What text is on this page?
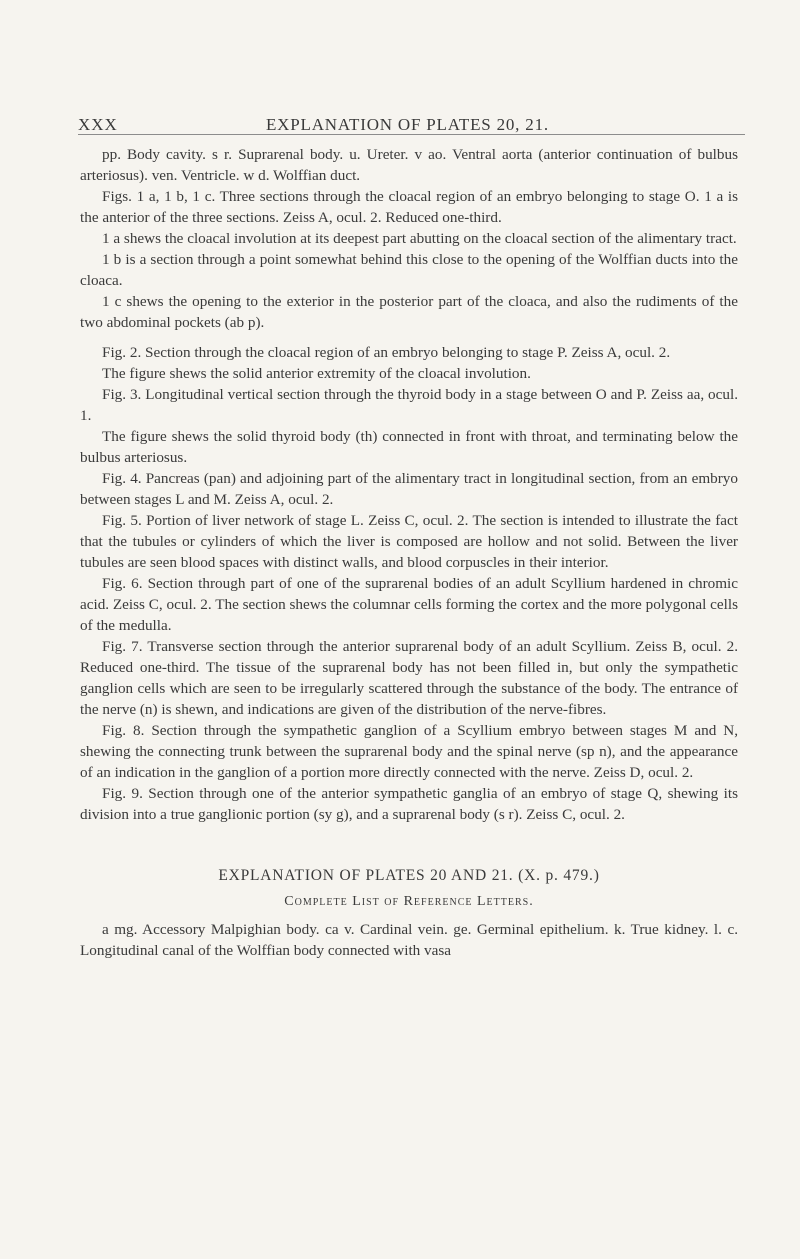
XXX	EXPLANATION OF PLATES 20, 21.

pp. Body cavity. s r. Suprarenal body. u. Ureter. v ao. Ventral aorta (anterior continuation of bulbus arteriosus). ven. Ventricle. w d. Wolffian duct.

Figs. 1 a, 1 b, 1 c. Three sections through the cloacal region of an embryo belonging to stage O. 1 a is the anterior of the three sections. Zeiss A, ocul. 2. Reduced one-third.

1 a shews the cloacal involution at its deepest part abutting on the cloacal section of the alimentary tract.

1 b is a section through a point somewhat behind this close to the opening of the Wolffian ducts into the cloaca.

1 c shews the opening to the exterior in the posterior part of the cloaca, and also the rudiments of the two abdominal pockets (ab p).

Fig. 2. Section through the cloacal region of an embryo belonging to stage P. Zeiss A, ocul. 2.

The figure shews the solid anterior extremity of the cloacal involution.

Fig. 3. Longitudinal vertical section through the thyroid body in a stage between O and P. Zeiss aa, ocul. 1.

The figure shews the solid thyroid body (th) connected in front with throat, and terminating below the bulbus arteriosus.

Fig. 4. Pancreas (pan) and adjoining part of the alimentary tract in longitudinal section, from an embryo between stages L and M. Zeiss A, ocul. 2.

Fig. 5. Portion of liver network of stage L. Zeiss C, ocul. 2. The section is intended to illustrate the fact that the tubules or cylinders of which the liver is composed are hollow and not solid. Between the liver tubules are seen blood spaces with distinct walls, and blood corpuscles in their interior.

Fig. 6. Section through part of one of the suprarenal bodies of an adult Scyllium hardened in chromic acid. Zeiss C, ocul. 2. The section shews the columnar cells forming the cortex and the more polygonal cells of the medulla.

Fig. 7. Transverse section through the anterior suprarenal body of an adult Scyllium. Zeiss B, ocul. 2. Reduced one-third. The tissue of the suprarenal body has not been filled in, but only the sympathetic ganglion cells which are seen to be irregularly scattered through the substance of the body. The entrance of the nerve (n) is shewn, and indications are given of the distribution of the nerve-fibres.

Fig. 8. Section through the sympathetic ganglion of a Scyllium embryo between stages M and N, shewing the connecting trunk between the suprarenal body and the spinal nerve (sp n), and the appearance of an indication in the ganglion of a portion more directly connected with the nerve. Zeiss D, ocul. 2.

Fig. 9. Section through one of the anterior sympathetic ganglia of an embryo of stage Q, shewing its division into a true ganglionic portion (sy g), and a suprarenal body (s r). Zeiss C, ocul. 2.

EXPLANATION OF PLATES 20 AND 21. (X. p. 479.)
Complete List of Reference Letters.

a mg. Accessory Malpighian body. ca v. Cardinal vein. ge. Germinal epithelium. k. True kidney. l. c. Longitudinal canal of the Wolffian body connected with vasa
